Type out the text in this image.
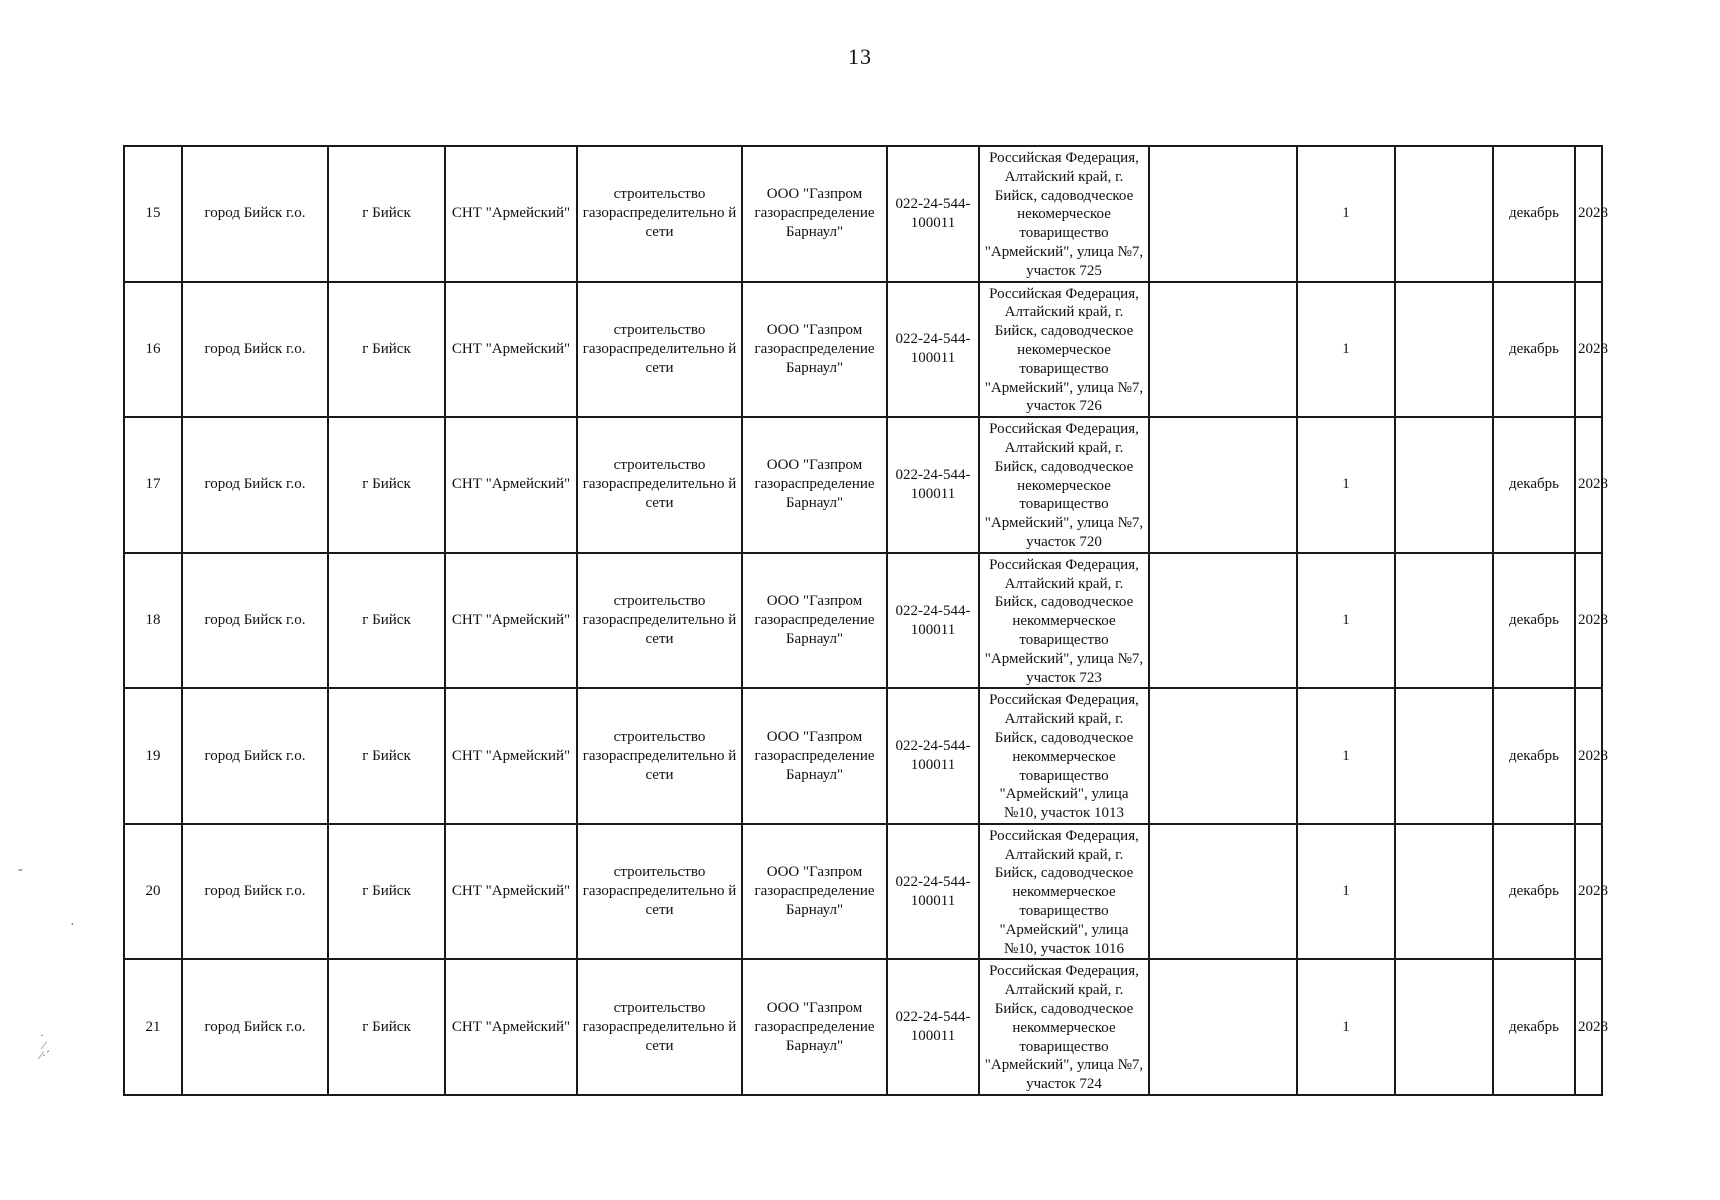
13
15	город Бийск г.о.	г Бийск	СНТ "Армейский"	строительство газораспределительно й сети	ООО "Газпром газораспределение Барнаул"	022-24-544-100011	Российская Федерация, Алтайский край, г. Бийск, садоводческое некомерческое товарищество "Армейский", улица №7, участок 725		1		декабрь	2028
16	город Бийск г.о.	г Бийск	СНТ "Армейский"	строительство газораспределительно й сети	ООО "Газпром газораспределение Барнаул"	022-24-544-100011	Российская Федерация, Алтайский край, г. Бийск, садоводческое некомерческое товарищество "Армейский", улица №7, участок 726		1		декабрь	2028
17	город Бийск г.о.	г Бийск	СНТ "Армейский"	строительство газораспределительно й сети	ООО "Газпром газораспределение Барнаул"	022-24-544-100011	Российская Федерация, Алтайский край, г. Бийск, садоводческое некомерческое товарищество "Армейский", улица №7, участок 720		1		декабрь	2028
18	город Бийск г.о.	г Бийск	СНТ "Армейский"	строительство газораспределительно й сети	ООО "Газпром газораспределение Барнаул"	022-24-544-100011	Российская Федерация, Алтайский край, г. Бийск, садоводческое некоммерческое товарищество "Армейский", улица №7, участок 723		1		декабрь	2028
19	город Бийск г.о.	г Бийск	СНТ "Армейский"	строительство газораспределительно й сети	ООО "Газпром газораспределение Барнаул"	022-24-544-100011	Российская Федерация, Алтайский край, г. Бийск, садоводческое некоммерческое товарищество "Армейский", улица №10, участок 1013		1		декабрь	2028
20	город Бийск г.о.	г Бийск	СНТ "Армейский"	строительство газораспределительно й сети	ООО "Газпром газораспределение Барнаул"	022-24-544-100011	Российская Федерация, Алтайский край, г. Бийск, садоводческое некоммерческое товарищество "Армейский", улица №10, участок 1016		1		декабрь	2028
21	город Бийск г.о.	г Бийск	СНТ "Армейский"	строительство газораспределительно й сети	ООО "Газпром газораспределение Барнаул"	022-24-544-100011	Российская Федерация, Алтайский край, г. Бийск, садоводческое некоммерческое товарищество "Армейский", улица №7, участок 724		1		декабрь	2028
-
·
·
⁄
⁄·´
